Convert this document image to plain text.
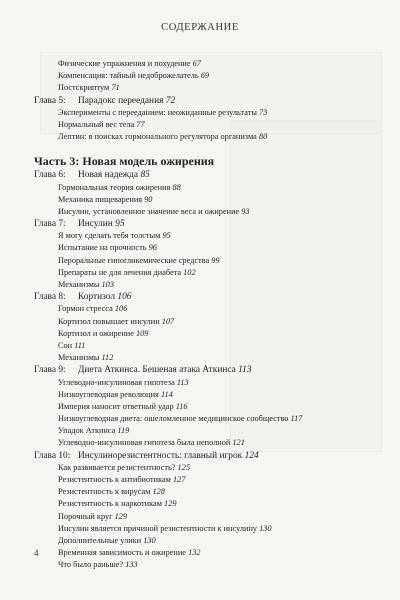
СОДЕРЖАНИЕ
Физические упражнения и похудение 67
Компенсация: тайный недоброжелатель 69
Постскриптум 71
Глава 5: Парадокс переедания 72
Эксперименты с перееданием: неожиданные результаты 73
Нормальный вес тела 77
Лептин: в поисках гормонального регулятора организма 80
Часть 3: Новая модель ожирения
Глава 6: Новая надежда 85
Гормональная теория ожирения 88
Механика пищеварения 90
Инсулин, установленное значение веса и ожирение 93
Глава 7: Инсулин 95
Я могу сделать тебя толстым 95
Испытание на прочность 96
Пероральные гипогликемические средства 99
Препараты не для лечения диабета 102
Механизмы 103
Глава 8: Кортизол 106
Гормон стресса 106
Кортизол повышает инсулин 107
Кортизол и ожирение 109
Сон 111
Механизмы 112
Глава 9: Диета Аткинса. Бешеная атака Аткинса 113
Углеводно-инсулиновая гипотеза 113
Низкоуглеводная революция 114
Империя наносит ответный удар 116
Низкоуглеводная диета: ошеломленное медицинское сообщество 117
Упадок Аткинса 119
Углеводно-инсулиновая гипотеза была неполной 121
Глава 10: Инсулинорезистентность: главный игрок 124
Как развивается резистентность? 125
Резистентность к антибиотикам 127
Резистентность к вирусам 128
Резистентность к наркотикам 129
Порочный круг 129
Инсулин является причиной резистентности к инсулину 130
Дополнительные улики 130
Временная зависимость и ожирение 132
Что было раньше? 133
4
